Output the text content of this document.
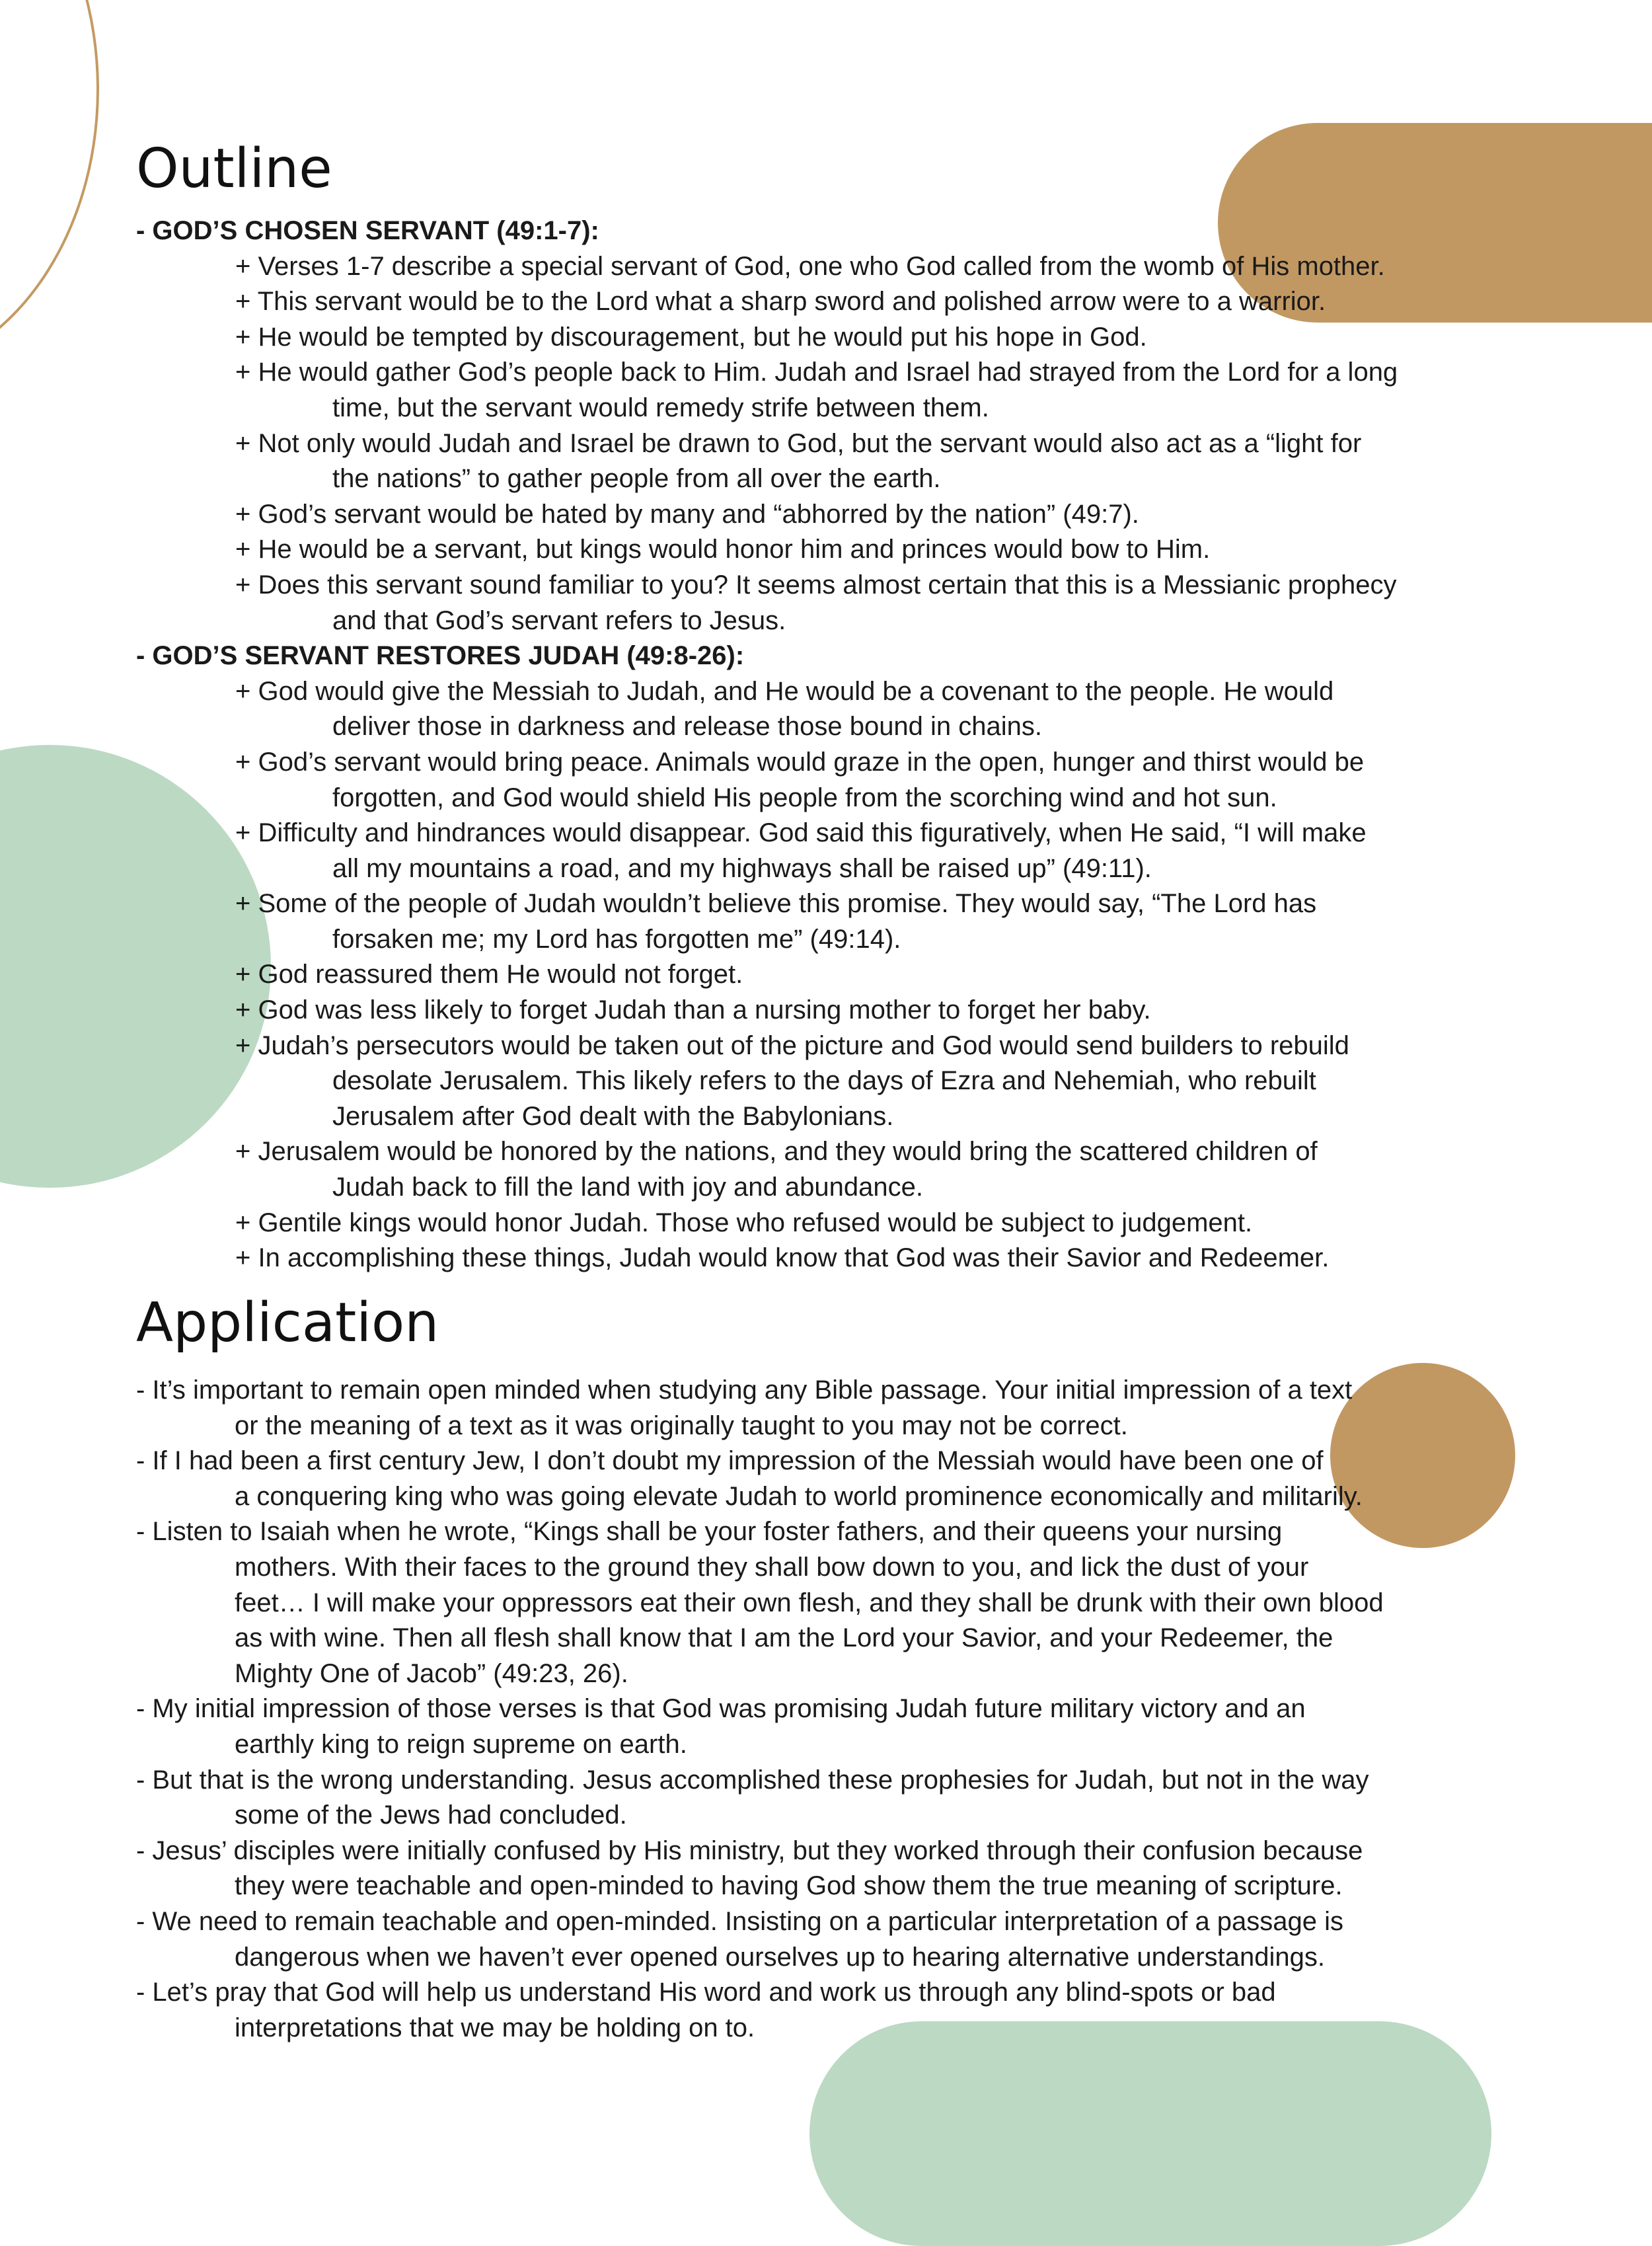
Outline
- GOD’S CHOSEN SERVANT (49:1-7):
+ Verses 1-7 describe a special servant of God, one who God called from the womb of His mother.
+ This servant would be to the Lord what a sharp sword and polished arrow were to a warrior.
+ He would be tempted by discouragement, but he would put his hope in God.
+ He would gather God’s people back to Him. Judah and Israel had strayed from the Lord for a long
time, but the servant would remedy strife between them.
+ Not only would Judah and Israel be drawn to God, but the servant would also act as a “light for
the nations” to gather people from all over the earth.
+ God’s servant would be hated by many and “abhorred by the nation” (49:7).
+ He would be a servant, but kings would honor him and princes would bow to Him.
+ Does this servant sound familiar to you? It seems almost certain that this is a Messianic prophecy
and that God’s servant refers to Jesus.
- GOD’S SERVANT RESTORES JUDAH (49:8-26):
+ God would give the Messiah to Judah, and He would be a covenant to the people. He would
deliver those in darkness and release those bound in chains.
+ God’s servant would bring peace. Animals would graze in the open, hunger and thirst would be
forgotten, and God would shield His people from the scorching wind and hot sun.
+ Difficulty and hindrances would disappear. God said this figuratively, when He said, “I will make
all my mountains a road, and my highways shall be raised up” (49:11).
+ Some of the people of Judah wouldn’t believe this promise. They would say, “The Lord has
forsaken me; my Lord has forgotten me” (49:14).
+ God reassured them He would not forget.
+ God was less likely to forget Judah than a nursing mother to forget her baby.
+ Judah’s persecutors would be taken out of the picture and God would send builders to rebuild
desolate Jerusalem. This likely refers to the days of Ezra and Nehemiah, who rebuilt
Jerusalem after God dealt with the Babylonians.
+ Jerusalem would be honored by the nations, and they would bring the scattered children of
Judah back to fill the land with joy and abundance.
+ Gentile kings would honor Judah. Those who refused would be subject to judgement.
+ In accomplishing these things, Judah would know that God was their Savior and Redeemer.
Application
- It’s important to remain open minded when studying any Bible passage. Your initial impression of a text
or the meaning of a text as it was originally taught to you may not be correct.
- If I had been a first century Jew, I don’t doubt my impression of the Messiah would have been one of
a conquering king who was going elevate Judah to world prominence economically and militarily.
- Listen to Isaiah when he wrote, “Kings shall be your foster fathers, and their queens your nursing
mothers. With their faces to the ground they shall bow down to you, and lick the dust of your
feet… I will make your oppressors eat their own flesh, and they shall be drunk with their own blood
as with wine. Then all flesh shall know that I am the Lord your Savior, and your Redeemer, the
Mighty One of Jacob” (49:23, 26).
- My initial impression of those verses is that God was promising Judah future military victory and an
earthly king to reign supreme on earth.
- But that is the wrong understanding. Jesus accomplished these prophesies for Judah, but not in the way
some of the Jews had concluded.
- Jesus’ disciples were initially confused by His ministry, but they worked through their confusion because
they were teachable and open-minded to having God show them the true meaning of scripture.
- We need to remain teachable and open-minded. Insisting on a particular interpretation of a passage is
dangerous when we haven’t ever opened ourselves up to hearing alternative understandings.
- Let’s pray that God will help us understand His word and work us through any blind-spots or bad
interpretations that we may be holding on to.
